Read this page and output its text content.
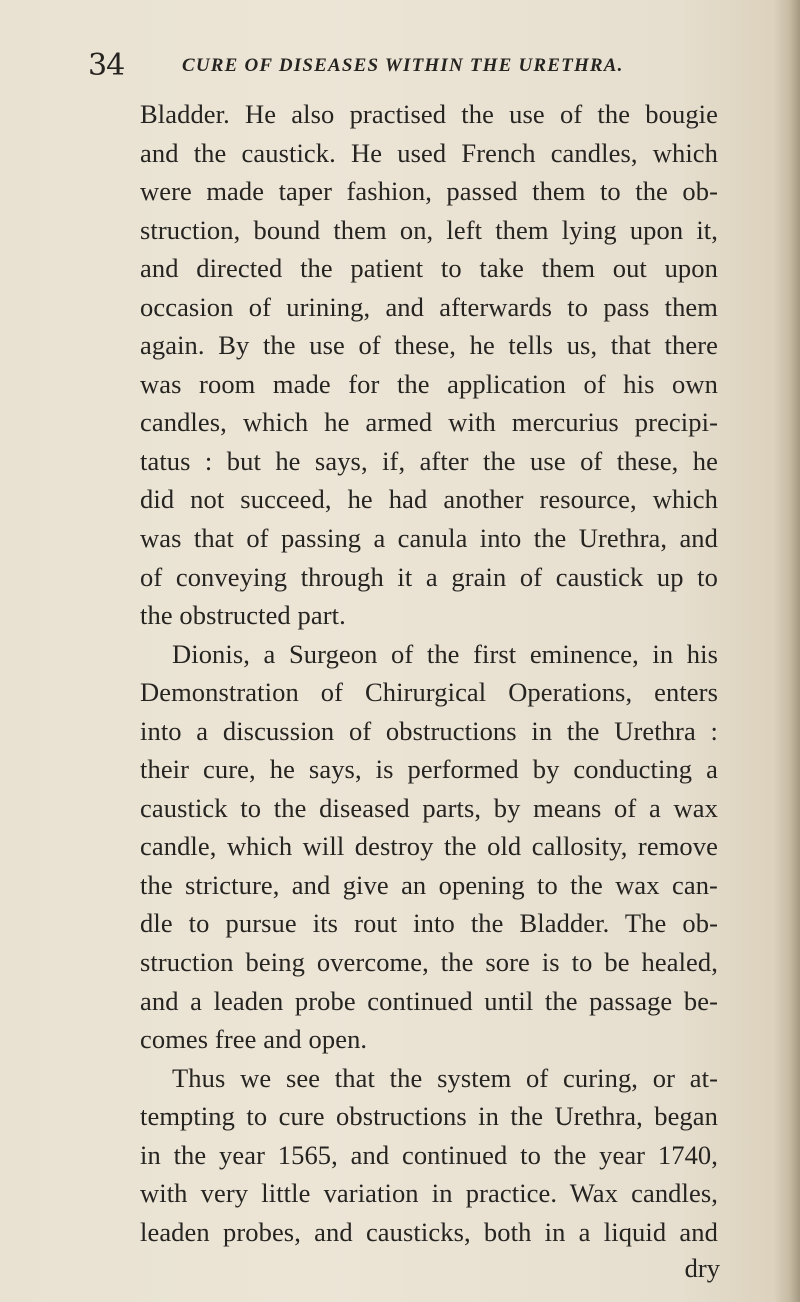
34	CURE OF DISEASES WITHIN THE URETHRA.
Bladder. He also practised the use of the bougie
and the caustick. He used French candles, which
were made taper fashion, passed them to the ob-
struction, bound them on, left them lying upon it,
and directed the patient to take them out upon
occasion of urining, and afterwards to pass them
again. By the use of these, he tells us, that there
was room made for the application of his own
candles, which he armed with mercurius precipi-
tatus : but he says, if, after the use of these, he
did not succeed, he had another resource, which
was that of passing a canula into the Urethra, and
of conveying through it a grain of caustick up to
the obstructed part.
Dionis, a Surgeon of the first eminence, in his
Demonstration of Chirurgical Operations, enters
into a discussion of obstructions in the Urethra :
their cure, he says, is performed by conducting a
caustick to the diseased parts, by means of a wax
candle, which will destroy the old callosity, remove
the stricture, and give an opening to the wax can-
dle to pursue its rout into the Bladder. The ob-
struction being overcome, the sore is to be healed,
and a leaden probe continued until the passage be-
comes free and open.
Thus we see that the system of curing, or at-
tempting to cure obstructions in the Urethra, began
in the year 1565, and continued to the year 1740,
with very little variation in practice. Wax candles,
leaden probes, and causticks, both in a liquid and
dry
